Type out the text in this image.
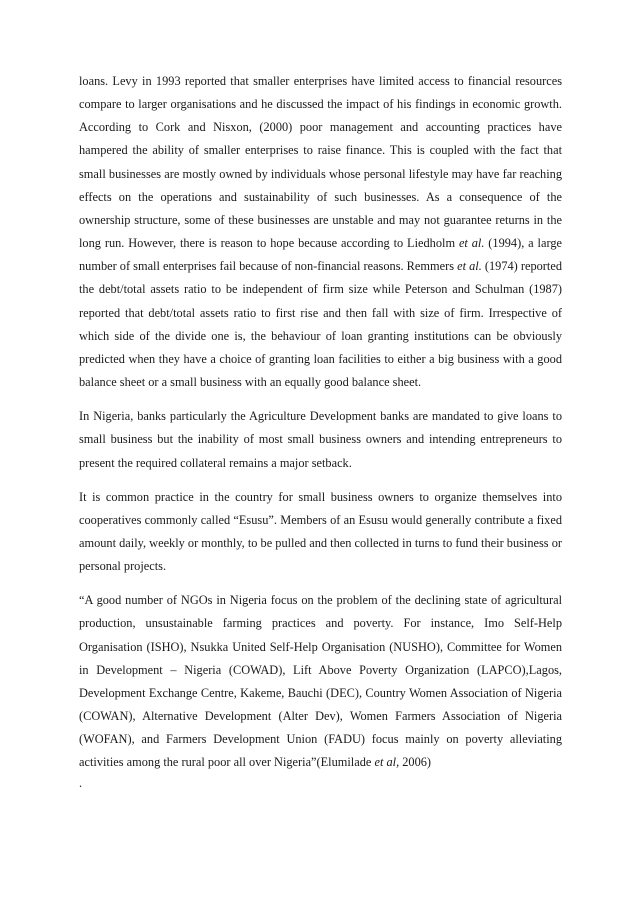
loans. Levy in 1993 reported that smaller enterprises have limited access to financial resources compare to larger organisations and he discussed the impact of his findings in economic growth. According to Cork and Nisxon, (2000) poor management and accounting practices have hampered the ability of smaller enterprises to raise finance. This is coupled with the fact that small businesses are mostly owned by individuals whose personal lifestyle may have far reaching effects on the operations and sustainability of such businesses. As a consequence of the ownership structure, some of these businesses are unstable and may not guarantee returns in the long run. However, there is reason to hope because according to Liedholm et al. (1994), a large number of small enterprises fail because of non-financial reasons. Remmers et al. (1974) reported the debt/total assets ratio to be independent of firm size while Peterson and Schulman (1987) reported that debt/total assets ratio to first rise and then fall with size of firm. Irrespective of which side of the divide one is, the behaviour of loan granting institutions can be obviously predicted when they have a choice of granting loan facilities to either a big business with a good balance sheet or a small business with an equally good balance sheet.

In Nigeria, banks particularly the Agriculture Development banks are mandated to give loans to small business but the inability of most small business owners and intending entrepreneurs to present the required collateral remains a major setback.

It is common practice in the country for small business owners to organize themselves into cooperatives commonly called “Esusu”. Members of an Esusu would generally contribute a fixed amount daily, weekly or monthly, to be pulled and then collected in turns to fund their business or personal projects.

“A good number of NGOs in Nigeria focus on the problem of the declining state of agricultural production, unsustainable farming practices and poverty. For instance, Imo Self-Help Organisation (ISHO), Nsukka United Self-Help Organisation (NUSHO), Committee for Women in Development – Nigeria (COWAD), Lift Above Poverty Organization (LAPCO),Lagos, Development Exchange Centre, Kakeme, Bauchi (DEC), Country Women Association of Nigeria (COWAN), Alternative Development (Alter Dev), Women Farmers Association of Nigeria (WOFAN), and Farmers Development Union (FADU) focus mainly on poverty alleviating activities among the rural poor all over Nigeria”(Elumilade et al, 2006)

.
